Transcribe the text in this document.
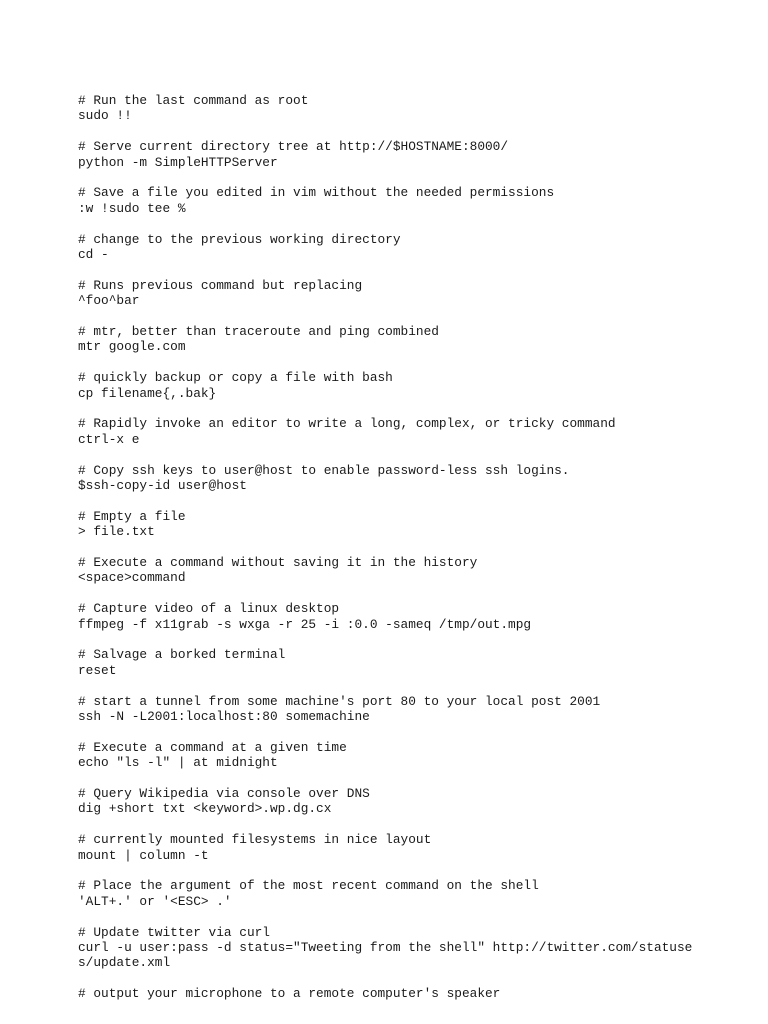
# Run the last command as root
sudo !!
# Serve current directory tree at http://$HOSTNAME:8000/
python -m SimpleHTTPServer
# Save a file you edited in vim without the needed permissions
:w !sudo tee %
# change to the previous working directory
cd -
# Runs previous command but replacing
^foo^bar
# mtr, better than traceroute and ping combined
mtr google.com
# quickly backup or copy a file with bash
cp filename{,.bak}
# Rapidly invoke an editor to write a long, complex, or tricky command
ctrl-x e
# Copy ssh keys to user@host to enable password-less ssh logins.
$ssh-copy-id user@host
# Empty a file
> file.txt
# Execute a command without saving it in the history
<space>command
# Capture video of a linux desktop
ffmpeg -f x11grab -s wxga -r 25 -i :0.0 -sameq /tmp/out.mpg
# Salvage a borked terminal
reset
# start a tunnel from some machine's port 80 to your local post 2001
ssh -N -L2001:localhost:80 somemachine
# Execute a command at a given time
echo "ls -l" | at midnight
# Query Wikipedia via console over DNS
dig +short txt <keyword>.wp.dg.cx
# currently mounted filesystems in nice layout
mount | column -t
# Place the argument of the most recent command on the shell
'ALT+.' or '<ESC> .'
# Update twitter via curl
curl -u user:pass -d status="Tweeting from the shell" http://twitter.com/statuse
s/update.xml
# output your microphone to a remote computer's speaker
